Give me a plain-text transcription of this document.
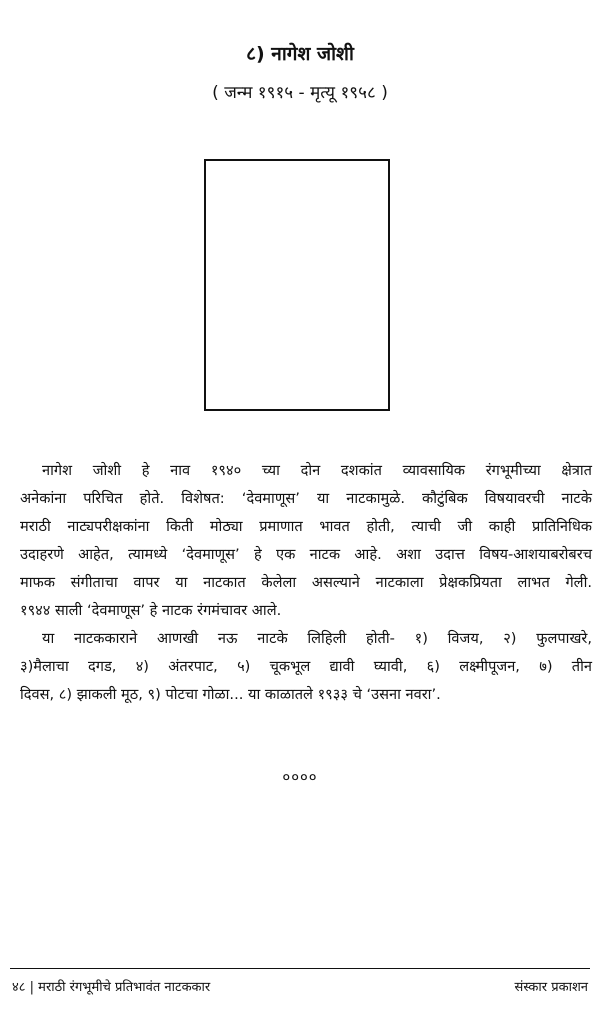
८) नागेश जोशी
( जन्म १९१५ - मृत्यू १९५८ )
नागेश जोशी हे नाव १९४० च्या दोन दशकांत व्यावसायिक रंगभूमीच्या क्षेत्रात
अनेकांना परिचित होते. विशेषत: ‘देवमाणूस’ या नाटकामुळे. कौटुंबिक विषयावरची नाटके
मराठी नाट्यपरीक्षकांना किती मोठ्या प्रमाणात भावत होती, त्याची जी काही प्रातिनिधिक
उदाहरणे आहेत, त्यामध्ये ‘देवमाणूस’ हे एक नाटक आहे. अशा उदात्त विषय-आशयाबरोबरच
माफक संगीताचा वापर या नाटकात केलेला असल्याने नाटकाला प्रेक्षकप्रियता लाभत गेली.
१९४४ साली ‘देवमाणूस’ हे नाटक रंगमंचावर आले.
या नाटककाराने आणखी नऊ नाटके लिहिली होती- १) विजय, २) फुलपाखरे,
३)मैलाचा दगड, ४) अंतरपाट, ५) चूकभूल द्यावी घ्यावी, ६) लक्ष्मीपूजन, ७) तीन
दिवस, ८) झाकली मूठ, ९) पोटचा गोळा... या काळातले १९३३ चे ‘उसना नवरा’.
००००
४८ | मराठी रंगभूमीचे प्रतिभावंत नाटककार	संस्कार प्रकाशन
